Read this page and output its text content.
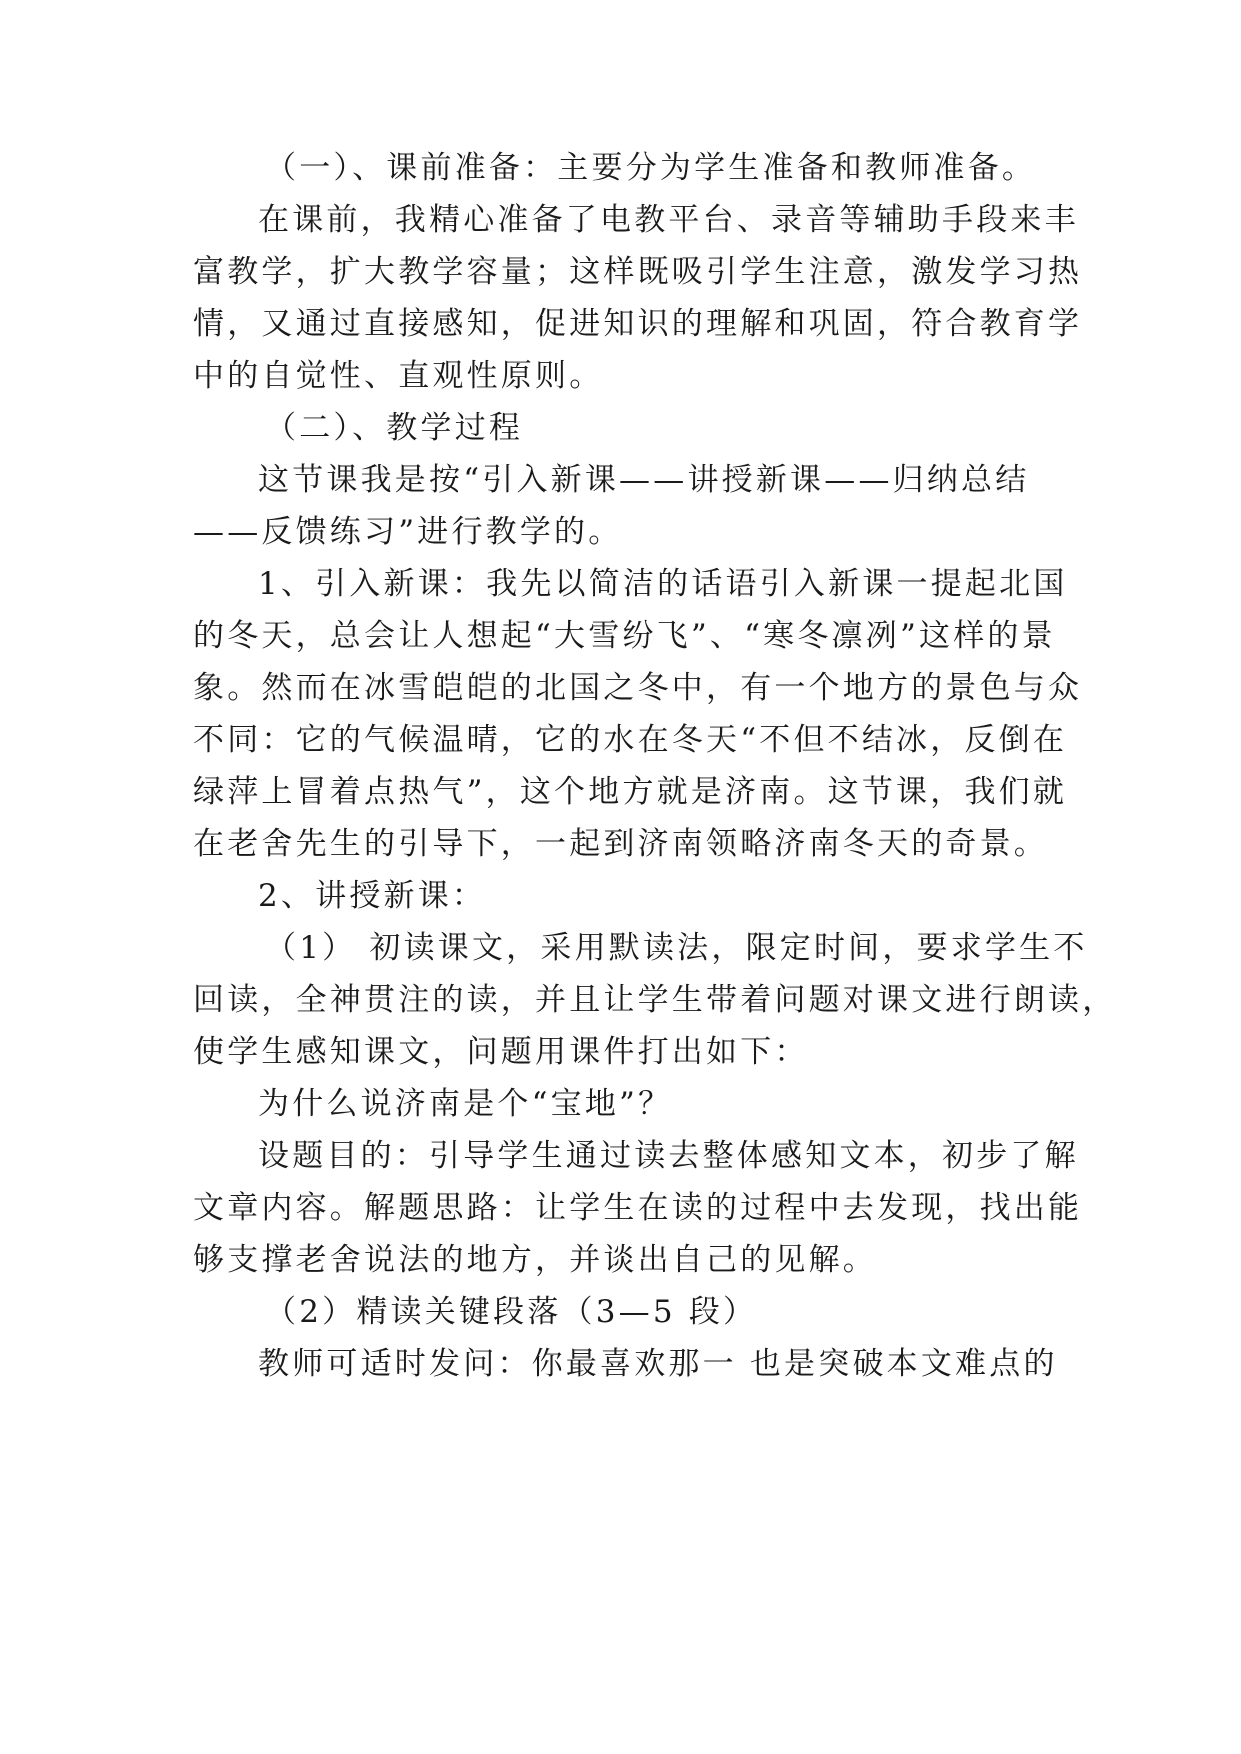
（一）、课前准备：主要分为学生准备和教师准备。
在课前，我精心准备了电教平台、录音等辅助手段来丰
富教学，扩大教学容量；这样既吸引学生注意，激发学习热
情，又通过直接感知，促进知识的理解和巩固，符合教育学
中的自觉性、直观性原则。
（二）、教学过程
这节课我是按“引入新课——讲授新课——归纳总结
——反馈练习”进行教学的。
1、引入新课：我先以简洁的话语引入新课一提起北国
的冬天，总会让人想起“大雪纷飞”、“寒冬凛冽”这样的景
象。然而在冰雪皑皑的北国之冬中，有一个地方的景色与众
不同：它的气候温晴，它的水在冬天“不但不结冰，反倒在
绿萍上冒着点热气”，这个地方就是济南。这节课，我们就
在老舍先生的引导下，一起到济南领略济南冬天的奇景。
2、讲授新课：
（1） 初读课文，采用默读法，限定时间，要求学生不
回读，全神贯注的读，并且让学生带着问题对课文进行朗读，
使学生感知课文，问题用课件打出如下：
为什么说济南是个“宝地”？
设题目的：引导学生通过读去整体感知文本，初步了解
文章内容。解题思路：让学生在读的过程中去发现，找出能
够支撑老舍说法的地方，并谈出自己的见解。
（2）精读关键段落（3—5 段）
教师可适时发问：你最喜欢那一 也是突破本文难点的
